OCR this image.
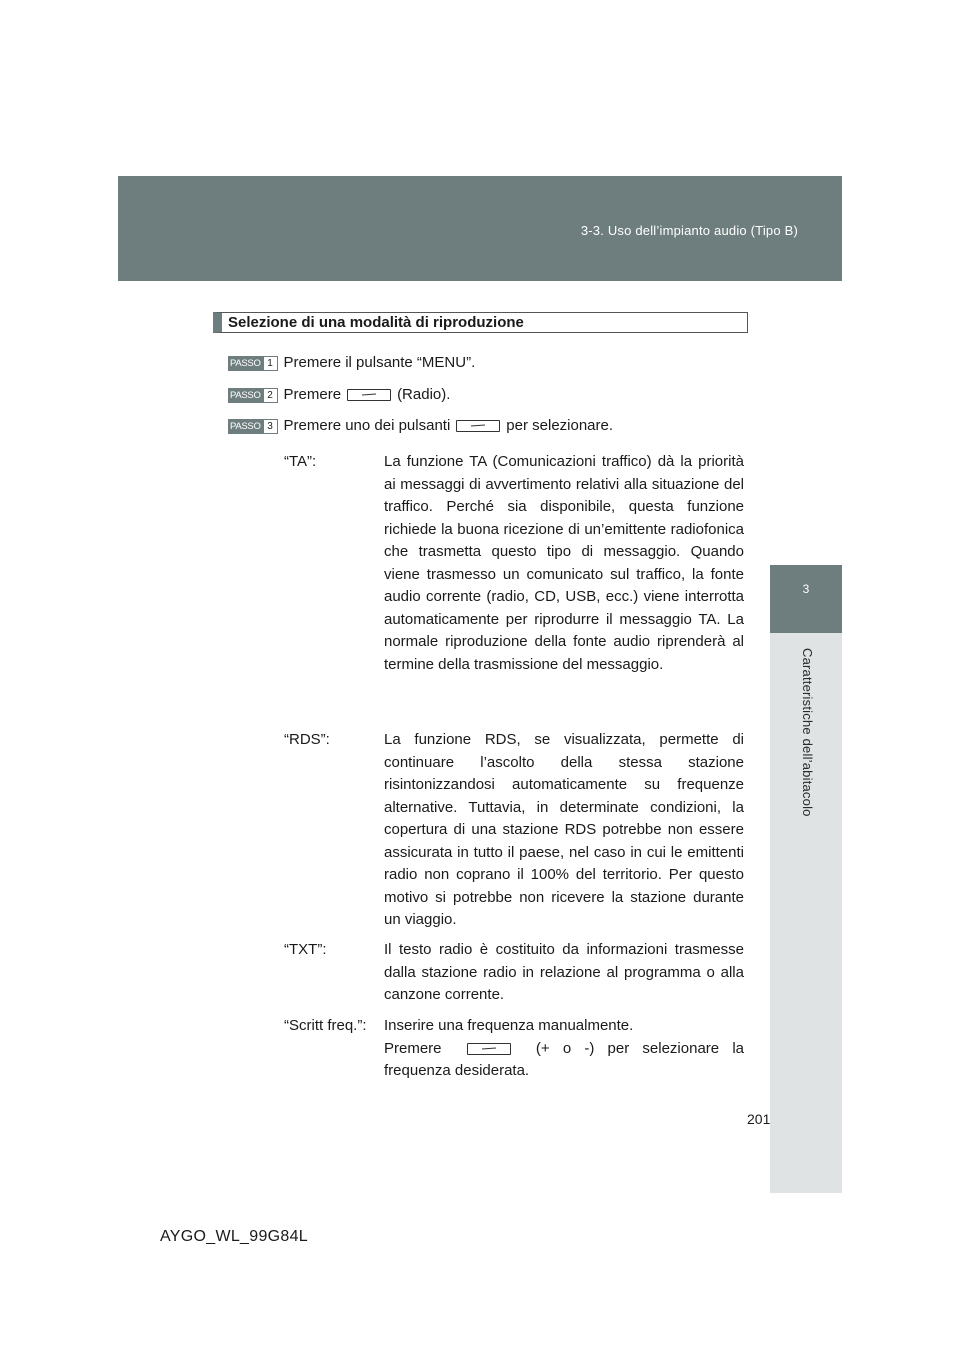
3-3. Uso dell’impianto audio (Tipo B)
3
Caratteristiche dell’abitacolo
Selezione di una modalità di riproduzione
PASSO 1 Premere il pulsante “MENU”.
PASSO 2 Premere	(Radio).
PASSO 3 Premere uno dei pulsanti	per selezionare.
“TA”:	La funzione TA (Comunicazioni traffico) dà la priorità ai messaggi di avvertimento relativi alla situazione del traffico. Perché sia disponibile, questa funzione richiede la buona ricezione di un’emittente radiofonica che trasmetta questo tipo di messaggio. Quando viene trasmesso un comunicato sul traffico, la fonte audio corrente (radio, CD, USB, ecc.) viene interrotta automaticamente per riprodurre il messaggio TA. La normale riproduzione della fonte audio riprenderà al termine della trasmissione del messaggio.
“RDS”:	La funzione RDS, se visualizzata, permette di continuare l’ascolto della stessa stazione risintonizzandosi automaticamente su frequenze alternative. Tuttavia, in determinate condizioni, la copertura di una stazione RDS potrebbe non essere assicurata in tutto il paese, nel caso in cui le emittenti radio non coprano il 100% del territorio. Per questo motivo si potrebbe non ricevere la stazione durante un viaggio.
“TXT”:	Il testo radio è costituito da informazioni trasmesse dalla stazione radio in relazione al programma o alla canzone corrente.
“Scritt freq.”: Inserire una frequenza manualmente.
Premere	(+ o -) per selezionare la
frequenza desiderata.
201
AYGO_WL_99G84L
